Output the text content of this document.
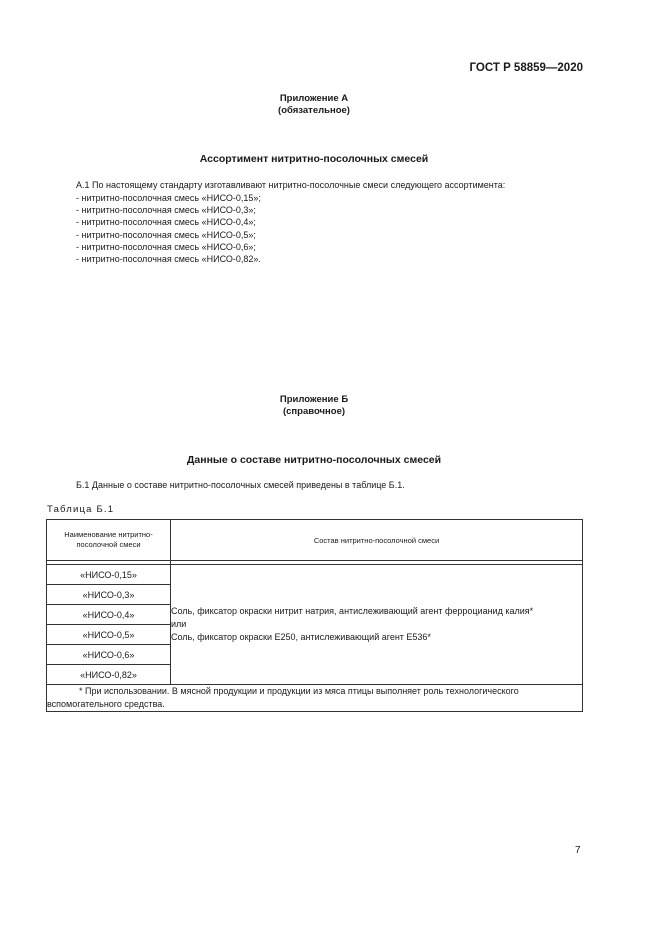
ГОСТ Р 58859—2020
Приложение А
(обязательное)
Ассортимент нитритно-посолочных смесей
А.1 По настоящему стандарту изготавливают нитритно-посолочные смеси следующего ассортимента:
- нитритно-посолочная смесь «НИСО-0,15»;
- нитритно-посолочная смесь «НИСО-0,3»;
- нитритно-посолочная смесь «НИСО-0,4»;
- нитритно-посолочная смесь «НИСО-0,5»;
- нитритно-посолочная смесь «НИСО-0,6»;
- нитритно-посолочная смесь «НИСО-0,82».
Приложение Б
(справочное)
Данные о составе нитритно-посолочных смесей
Б.1 Данные о составе нитритно-посолочных смесей приведены в таблице Б.1.
Таблица Б.1
Наименование нитритно-посолочной смеси	Состав нитритно-посолочной смеси

«НИСО-0,15»	Соль, фиксатор окраски нитрит натрия, антислеживающий агент ферроцианид калия*
или
Соль, фиксатор окраски Е250, антислеживающий агент Е536*

«НИСО-0,3»	
«НИСО-0,4»	
«НИСО-0,5»	
«НИСО-0,6»	
«НИСО-0,82»	

* При использовании. В мясной продукции и продукции из мяса птицы выполняет роль технологического
вспомогательного средства.	
7
